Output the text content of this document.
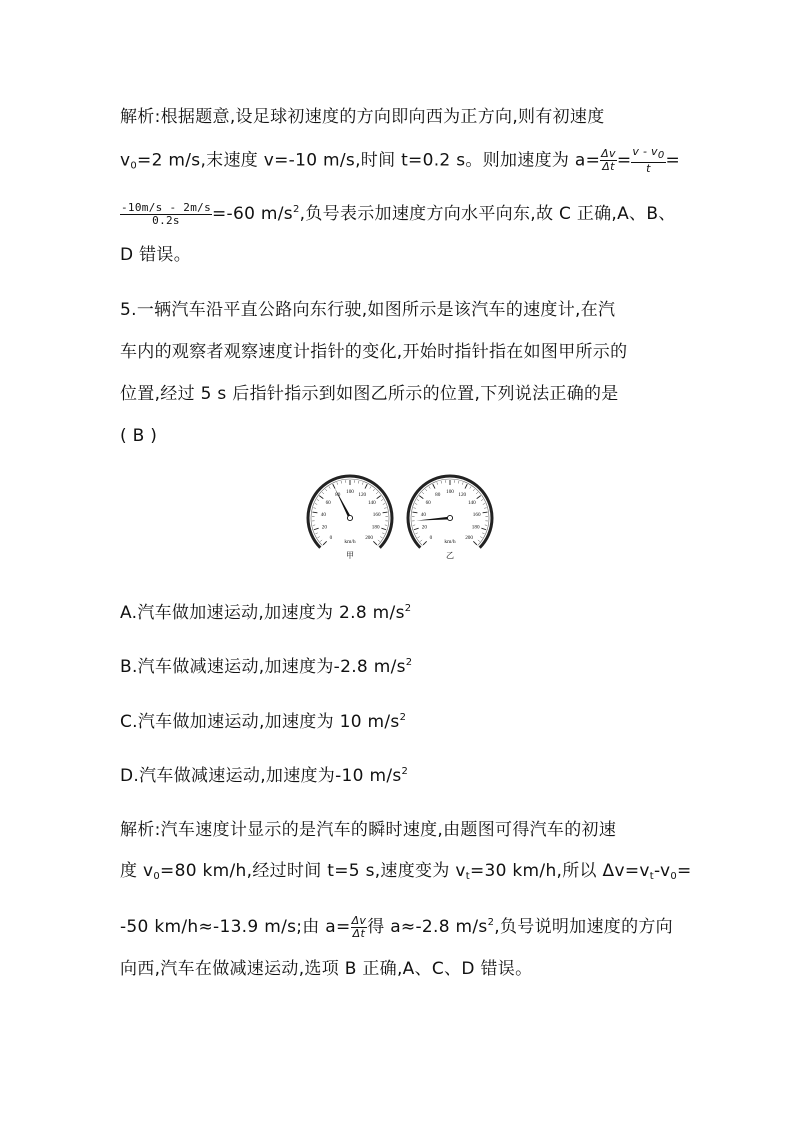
解析:根据题意,设足球初速度的方向即向西为正方向,则有初速度
$v_0=2$ m/s,末速度 v=-10 m/s,时间 t=0.2 s。则加速度为 $a= \frac{\Delta v}{\Delta t} = \frac{v - v_0}{t}$ =
$\frac{-10m/s - 2m/s}{0.2s} =-60$ $m/s^2$,负号表示加速度方向水平向东,故 C 正确,A、B、
D 错误。
5.一辆汽车沿平直公路向东行驶,如图所示是该汽车的速度计,在汽
车内的观察者观察速度计指针的变化,开始时指针指在如图甲所示的
位置,经过 5 s 后指针指示到如图乙所示的位置,下列说法正确的是
( B )
0
20
40
60
80 100 120
140
160
180
200
km/h
甲
0
20
40
60
80 100 120
140
160
180
200
km/h
乙
A.汽车做加速运动,加速度为 2.8 $m/s^2$
B.汽车做减速运动,加速度为-2.8 $m/s^2$
C.汽车做加速运动,加速度为 10 $m/s^2$
D.汽车做减速运动,加速度为-10 $m/s^2$
解析:汽车速度计显示的是汽车的瞬时速度,由题图可得汽车的初速
度 $v_0=80$ km/h,经过时间 t=5 s,速度变为 $v_t=30$ km/h,所以 $\Delta v=v_t-v_0=$
-50 km/h≈-13.9 m/s;由 $a= \frac{\Delta v}{\Delta t}$ 得 a≈-2.8 $m/s^2$,负号说明加速度的方向
向西,汽车在做减速运动,选项 B 正确,A、C、D 错误。
